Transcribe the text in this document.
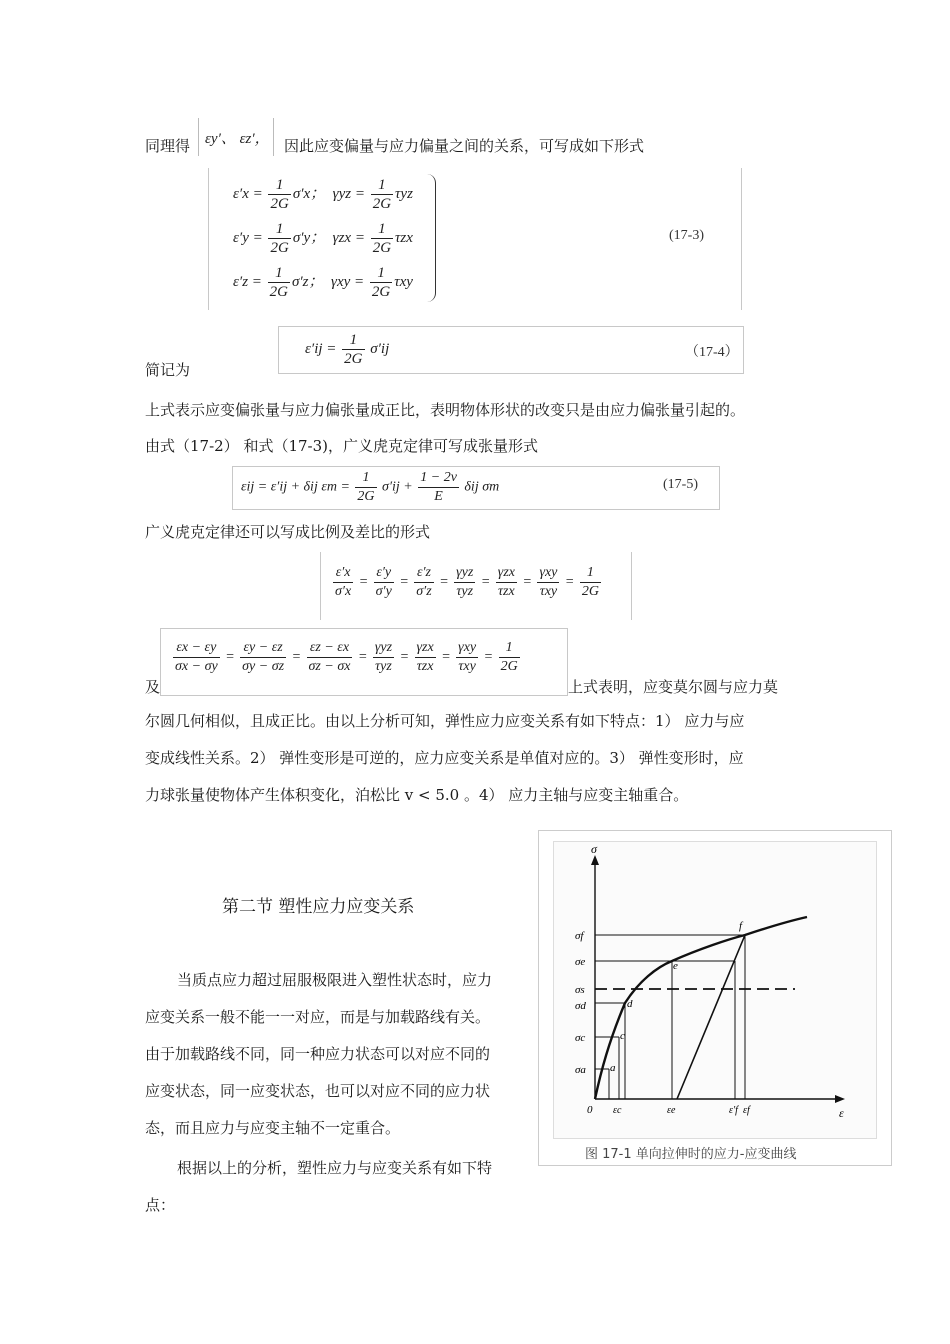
同理得 εy′、 εz′， 因此应变偏量与应力偏量之间的关系，可写成如下形式
$\varepsilon'x = \frac{1}{2G} \sigma'x$； $\gamma yz = \frac{1}{2G}$ τyz
$\varepsilon'y = \frac{1}{2G} \sigma'y$； $\gamma zx = \frac{1}{2G}$ τzx
$\varepsilon'z = \frac{1}{2G} \sigma'z$； $\gamma xy = \frac{1}{2G}$ τxy
(17-3)
简记为
$\varepsilon'ij = \frac{1}{2G} \sigma'ij$	（17-4）
上式表示应变偏张量与应力偏张量成正比，表明物体形状的改变只是由应力偏张量引起的。
由式（17-2） 和式（17-3)，广义虎克定律可写成张量形式
εij = ε′ij + δij $\varepsilon m = \frac{1}{2G} \sigma'ij + \frac{1 - 2\nu}{E}$ δij σm	(17-5)
广义虎克定律还可以写成比例及差比的形式
$\frac{\varepsilon'x}{\sigma'x} = \frac{\varepsilon'y}{\sigma'y} = \frac{\varepsilon'z}{\sigma'z} = \frac{\text{γyz}}{\text{τyz}} = \frac{\text{γzx}}{\text{τzx}} = \frac{\text{γxy}}{\text{τxy}} = \frac{1}{2G}$
及
$\frac{\varepsilon x - \varepsilon y}{\sigma x - \sigma y} = \frac{\varepsilon y - \varepsilon z}{\sigma y - \sigma z} = \frac{\varepsilon z - \varepsilon x}{\sigma z - \sigma x} = \frac{\text{γyz}}{\text{τyz}} = \frac{\text{γzx}}{\text{τzx}} = \frac{\text{γxy}}{\text{τxy}} = \frac{1}{2G}$
上式表明，应变莫尔圆与应力莫
尔圆几何相似，且成正比。由以上分析可知，弹性应力应变关系有如下特点：1） 应力与应
变成线性关系。2） 弹性变形是可逆的，应力应变关系是单值对应的。3） 弹性变形时，应
力球张量使物体产生体积变化，泊松比 v < 5.0 。4） 应力主轴与应变主轴重合。
第二节 塑性应力应变关系
当质点应力超过屈服极限进入塑性状态时，应力
应变关系一般不能一一对应，而是与加载路线有关。
由于加载路线不同，同一种应力状态可以对应不同的
应变状态，同一应变状态，也可以对应不同的应力状
态，而且应力与应变主轴不一定重合。
根据以上的分析，塑性应力与应变关系有如下特
点：
σ
ε
0
σf
σe
σs
σd
σc
σa
εc	εe	ε′f εf
f
e
d
c
a
图 17-1 单向拉伸时的应力-应变曲线
